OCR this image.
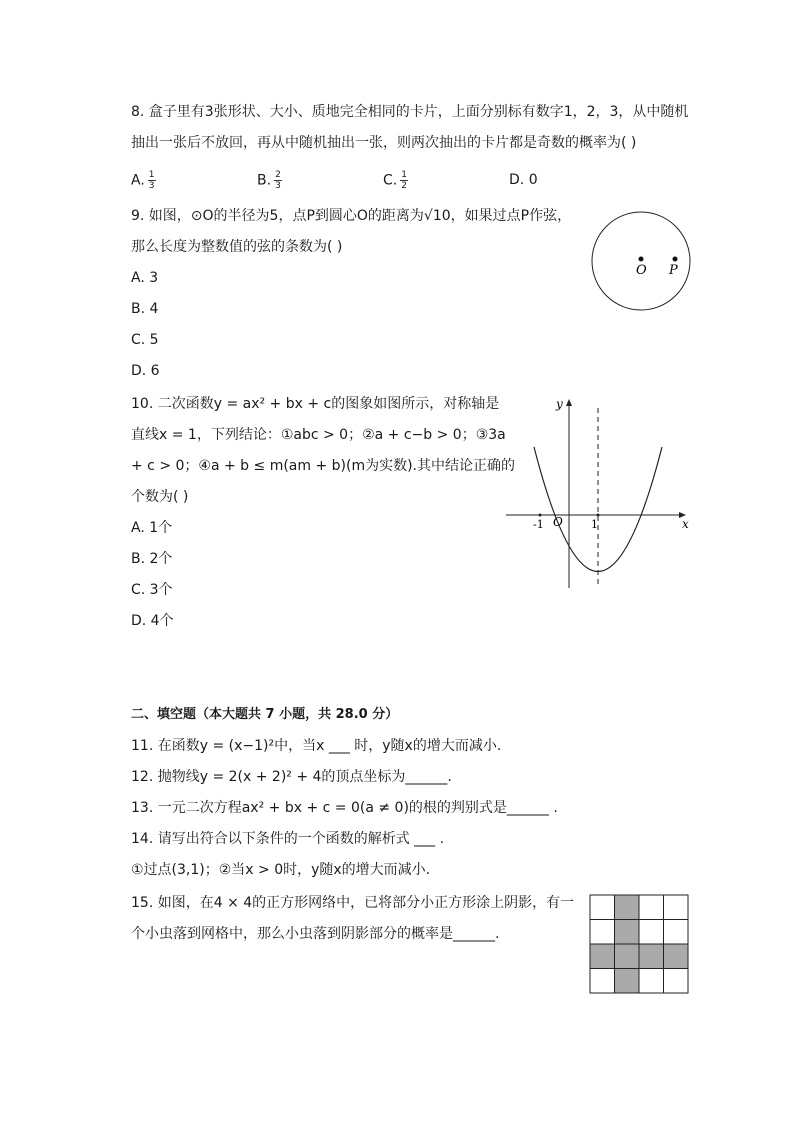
8. 盒子里有3张形状、大小、质地完全相同的卡片，上面分别标有数字1，2，3，从中随机
抽出一张后不放回，再从中随机抽出一张，则两次抽出的卡片都是奇数的概率为( )
A. $\frac{1}{3}$	B. $\frac{2}{3}$	C. $\frac{1}{2}$	D. 0
9. 如图，⊙O的半径为5，点P到圆心O的距离为√10，如果过点P作弦，
那么长度为整数值的弦的条数为( )
A. 3
B. 4
C. 5
D. 6
O P
10. 二次函数y = ax² + bx + c的图象如图所示，对称轴是
直线x = 1，下列结论：①abc > 0；②a + c−b > 0；③3a
+ c > 0；④a + b ≤ m(am + b)(m为实数).其中结论正确的
个数为( )
A. 1个
B. 2个
C. 3个
D. 4个
y
x
O
-1	1
二、填空题（本大题共 7 小题，共 28.0 分）
11. 在函数y = (x−1)²中，当x ___ 时，y随x的增大而减小.
12. 抛物线y = 2(x + 2)² + 4的顶点坐标为______.
13. 一元二次方程ax² + bx + c = 0(a ≠ 0)的根的判别式是______ .
14. 请写出符合以下条件的一个函数的解析式 ___ .
①过点(3,1)；②当x > 0时，y随x的增大而减小.
15. 如图，在4 × 4的正方形网络中，已将部分小正方形涂上阴影，有一
个小虫落到网格中，那么小虫落到阴影部分的概率是______.
